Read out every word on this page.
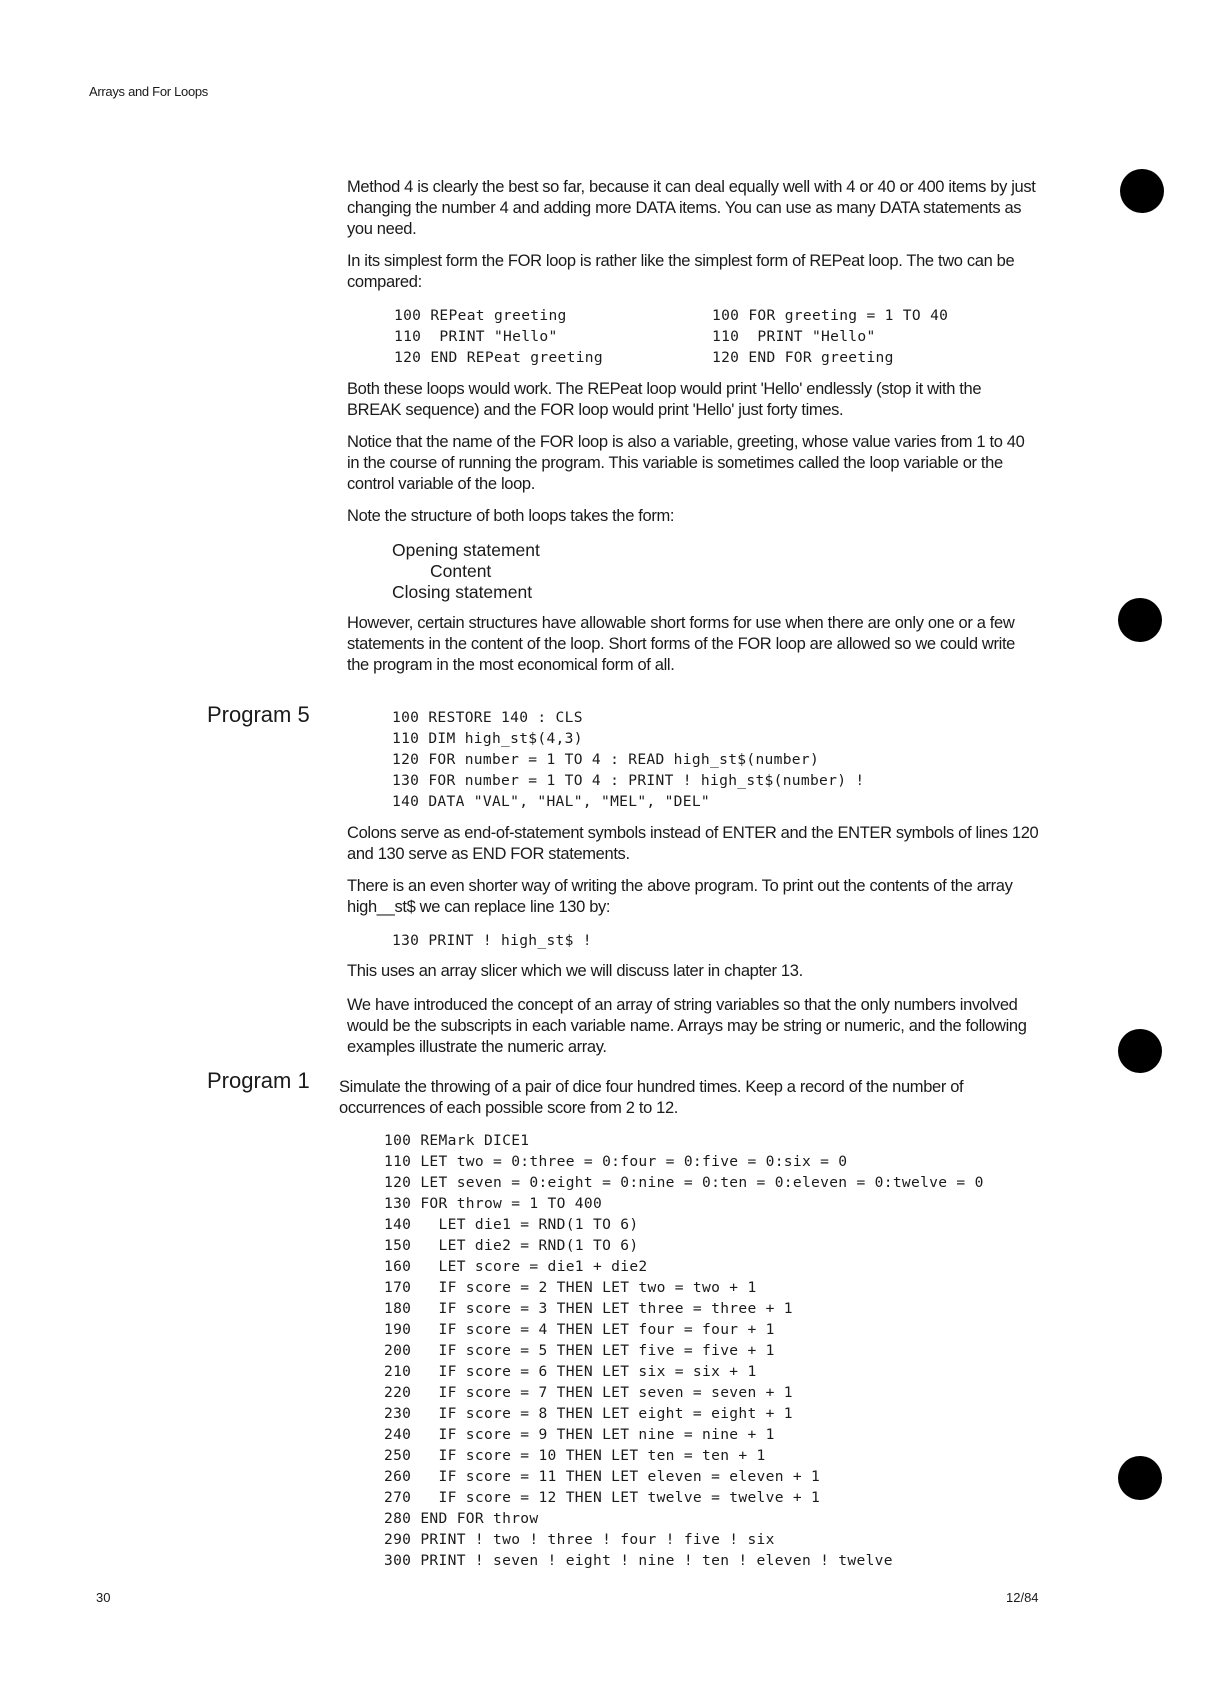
Arrays and For Loops

Method 4 is clearly the best so far, because it can deal equally well with 4 or 40 or 400 items by just changing the number 4 and adding more DATA items. You can use as many DATA statements as you need.

In its simplest form the FOR loop is rather like the simplest form of REPeat loop. The two can be compared:

100 REPeat greeting
110  PRINT "Hello"
120 END REPeat greeting
100 FOR greeting = 1 TO 40
110  PRINT "Hello"
120 END FOR greeting

Both these loops would work. The REPeat loop would print 'Hello' endlessly (stop it with the BREAK sequence) and the FOR loop would print 'Hello' just forty times.

Notice that the name of the FOR loop is also a variable, greeting, whose value varies from 1 to 40 in the course of running the program. This variable is sometimes called the loop variable or the control variable of the loop.

Note the structure of both loops takes the form:

Opening statement
Content
Closing statement

However, certain structures have allowable short forms for use when there are only one or a few statements in the content of the loop. Short forms of the FOR loop are allowed so we could write the program in the most economical form of all.

Program 5	100 RESTORE 140 : CLS
110 DIM high_st$(4,3)
120 FOR number = 1 TO 4 : READ high_st$(number)
130 FOR number = 1 TO 4 : PRINT ! high_st$(number) !
140 DATA "VAL", "HAL", "MEL", "DEL"

Colons serve as end-of-statement symbols instead of ENTER and the ENTER symbols of lines 120 and 130 serve as END FOR statements.

There is an even shorter way of writing the above program. To print out the contents of the array high__st$ we can replace line 130 by:

130 PRINT ! high_st$ !

This uses an array slicer which we will discuss later in chapter 13.

We have introduced the concept of an array of string variables so that the only numbers involved would be the subscripts in each variable name. Arrays may be string or numeric, and the following examples illustrate the numeric array.

Program 1 Simulate the throwing of a pair of dice four hundred times. Keep a record of the number of occurrences of each possible score from 2 to 12.

100 REMark DICE1
110 LET two = 0:three = 0:four = 0:five = 0:six = 0
120 LET seven = 0:eight = 0:nine = 0:ten = 0:eleven = 0:twelve = 0
130 FOR throw = 1 TO 400
140   LET die1 = RND(1 TO 6)
150   LET die2 = RND(1 TO 6)
160   LET score = die1 + die2
170   IF score = 2 THEN LET two = two + 1
180   IF score = 3 THEN LET three = three + 1
190   IF score = 4 THEN LET four = four + 1
200   IF score = 5 THEN LET five = five + 1
210   IF score = 6 THEN LET six = six + 1
220   IF score = 7 THEN LET seven = seven + 1
230   IF score = 8 THEN LET eight = eight + 1
240   IF score = 9 THEN LET nine = nine + 1
250   IF score = 10 THEN LET ten = ten + 1
260   IF score = 11 THEN LET eleven = eleven + 1
270   IF score = 12 THEN LET twelve = twelve + 1
280 END FOR throw
290 PRINT ! two ! three ! four ! five ! six
300 PRINT ! seven ! eight ! nine ! ten ! eleven ! twelve
30	12/84
